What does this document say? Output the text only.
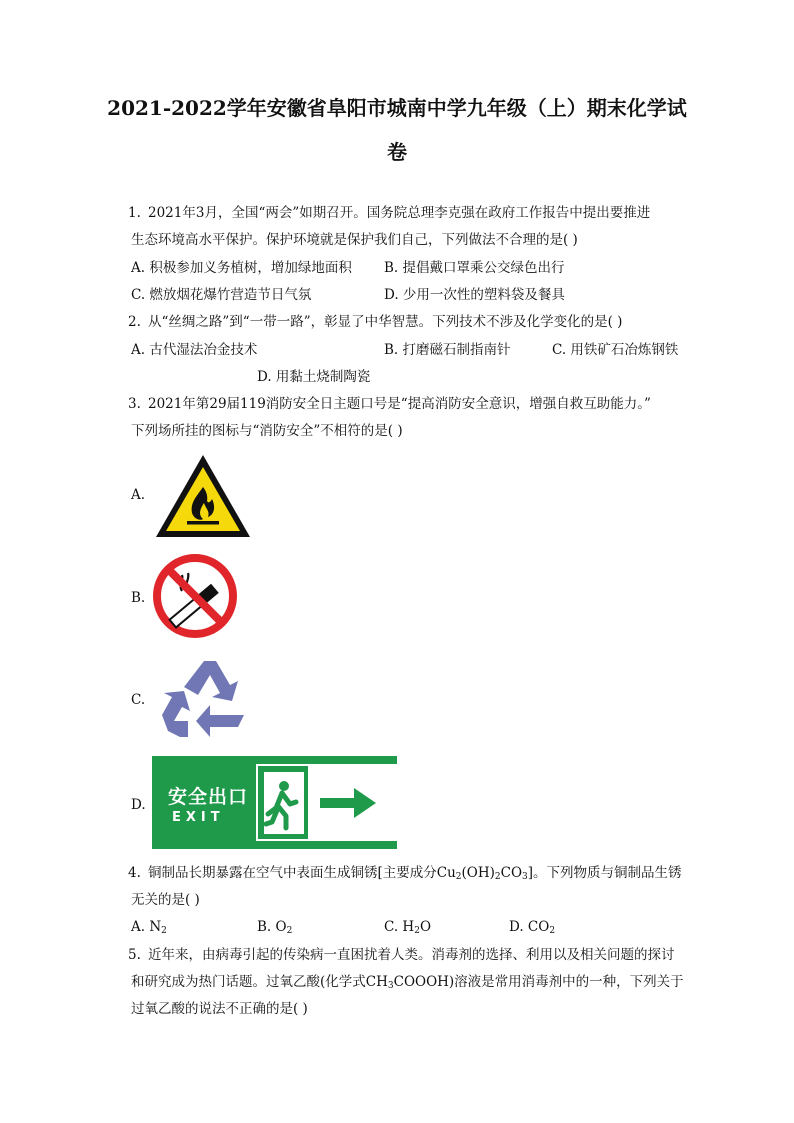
2021-2022学年安徽省阜阳市城南中学九年级（上）期末化学试
卷
1. 2021年3月，全国“两会”如期召开。国务院总理李克强在政府工作报告中提出要推进
生态环境高水平保护。保护环境就是保护我们自己，下列做法不合理的是( )
A. 积极参加义务植树，增加绿地面积 B. 提倡戴口罩乘公交绿色出行
C. 燃放烟花爆竹营造节日气氛	D. 少用一次性的塑料袋及餐具
2. 从“丝绸之路”到“一带一路”，彰显了中华智慧。下列技术不涉及化学变化的是( )
A. 古代湿法冶金技术	B. 打磨磁石制指南针	C. 用铁矿石冶炼钢铁
D. 用黏土烧制陶瓷
3. 2021年第29届119消防安全日主题口号是“提高消防安全意识，增强自救互助能力。”
下列场所挂的图标与“消防安全”不相符的是( )
A.
B.
C.
D. 安全出口
EXIT
4. 铜制品长期暴露在空气中表面生成铜锈[主要成分$Cu_2(OH)_2CO_3$]。下列物质与铜制品生锈
无关的是( )
A. $N_2$	B. $O_2$	C. $H_2O$	D. $CO_2$
5. 近年来，由病毒引起的传染病一直困扰着人类。消毒剂的选择、利用以及相关问题的探讨
和研究成为热门话题。过氧乙酸(化学式$CH_3COOOH$)溶液是常用消毒剂中的一种，下列关于
过氧乙酸的说法不正确的是( )
